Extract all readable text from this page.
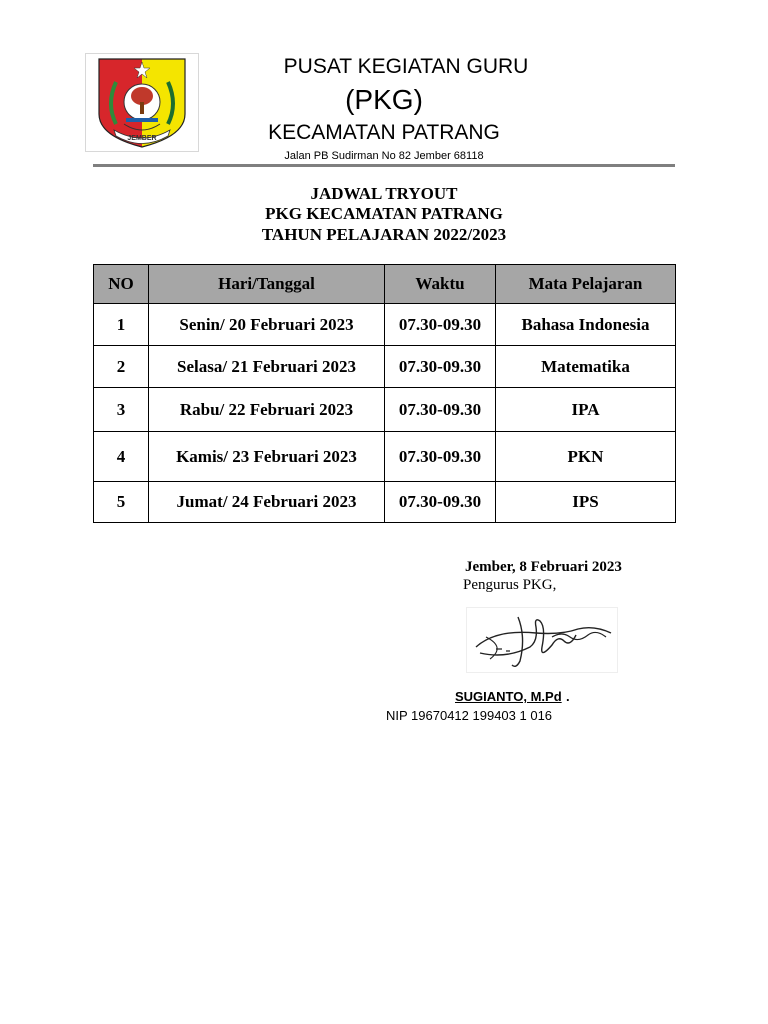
JEMBER
PUSAT KEGIATAN GURU
(PKG)
KECAMATAN PATRANG
Jalan PB Sudirman No 82 Jember 68118
JADWAL TRYOUT
PKG KECAMATAN PATRANG
TAHUN PELAJARAN 2022/2023
NO	Hari/Tanggal	Waktu	Mata Pelajaran
1	Senin/ 20 Februari 2023	07.30-09.30	Bahasa Indonesia
2	Selasa/ 21 Februari 2023	07.30-09.30	Matematika
3	Rabu/ 22 Februari 2023	07.30-09.30	IPA
4	Kamis/ 23 Februari 2023	07.30-09.30	PKN
5	Jumat/ 24 Februari 2023	07.30-09.30	IPS
Jember, 8 Februari 2023
Pengurus PKG,
SUGIANTO, M.Pd .
NIP 19670412 199403 1 016
